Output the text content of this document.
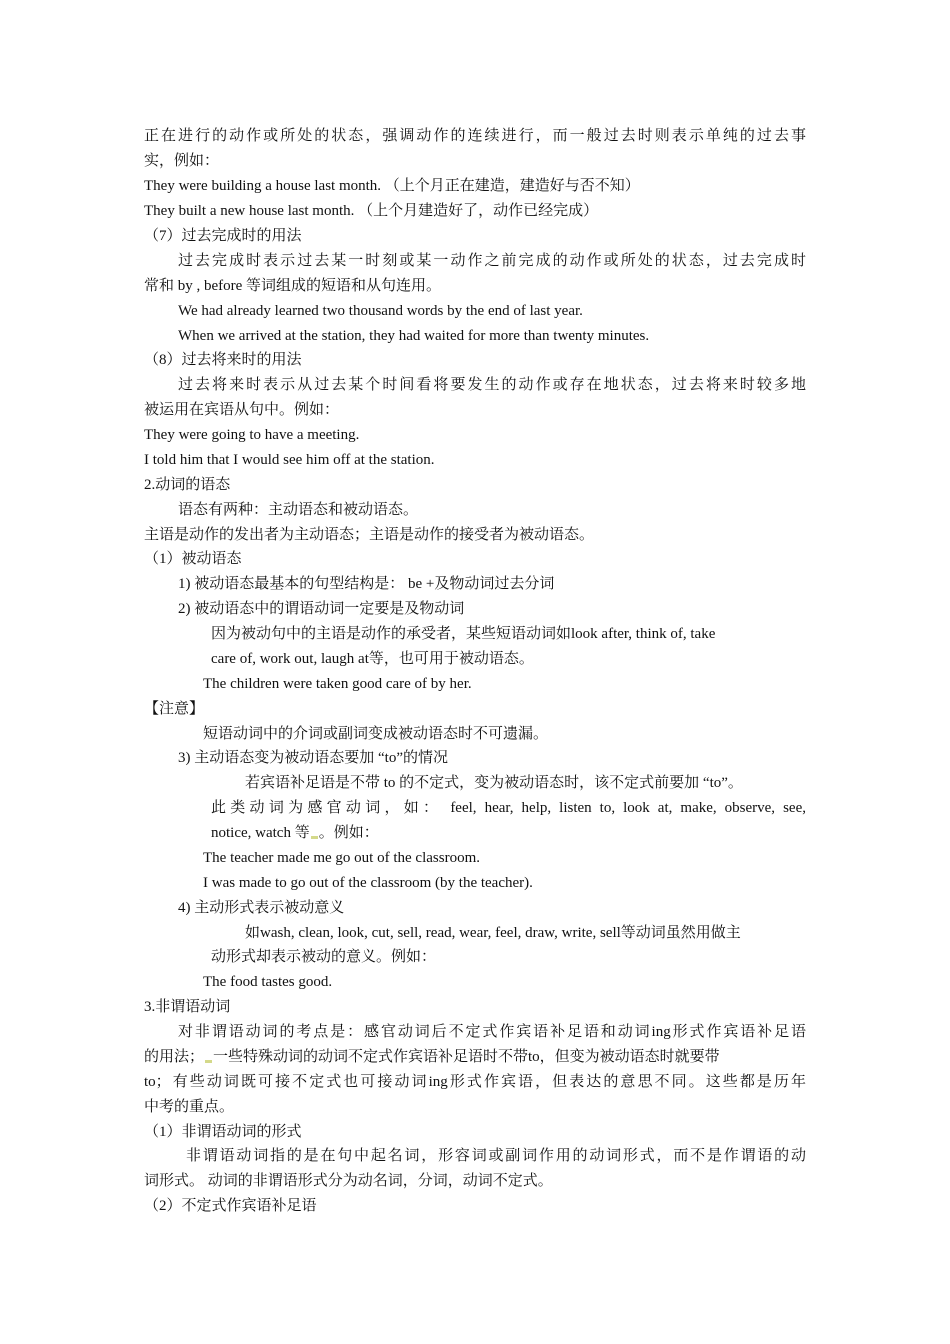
正在进行的动作或所处的状态，强调动作的连续进行，而一般过去时则表示单纯的过去事
实，例如：
They were building a house last month. （上个月正在建造，建造好与否不知）
They built a new house last month. （上个月建造好了，动作已经完成）
（7）过去完成时的用法
过去完成时表示过去某一时刻或某一动作之前完成的动作或所处的状态，过去完成时
常和 by , before 等词组成的短语和从句连用。
We had already learned two thousand words by the end of last year.
When we arrived at the station, they had waited for more than twenty minutes.
（8）过去将来时的用法
过去将来时表示从过去某个时间看将要发生的动作或存在地状态，过去将来时较多地
被运用在宾语从句中。例如：
They were going to have a meeting.
I told him that I would see him off at the station.
2.动词的语态
语态有两种：主动语态和被动语态。
主语是动作的发出者为主动语态；主语是动作的接受者为被动语态。
（1）被动语态
1) 被动语态最基本的句型结构是： be +及物动词过去分词
2) 被动语态中的谓语动词一定要是及物动词
因为被动句中的主语是动作的承受者，某些短语动词如look after, think of, take
care of, work out, laugh at等，也可用于被动语态。
The children were taken good care of by her.
【注意】
短语动词中的介词或副词变成被动语态时不可遗漏。
3) 主动语态变为被动语态要加 “to”的情况
若宾语补足语是不带 to 的不定式，变为被动语态时，该不定式前要加 “to”。
此类动词为感官动词，如： feel, hear, help, listen to, look at, make, observe, see,
notice, watch 等 。例如：
The teacher made me go out of the classroom.
I was made to go out of the classroom (by the teacher).
4) 主动形式表示被动意义
如wash, clean, look, cut, sell, read, wear, feel, draw, write, sell等动词虽然用做主
动形式却表示被动的意义。例如：
The food tastes good.
3.非谓语动词
对非谓语动词的考点是：感官动词后不定式作宾语补足语和动词ing形式作宾语补足语
的用法； 一些特殊动词的动词不定式作宾语补足语时不带to，但变为被动语态时就要带
to；有些动词既可接不定式也可接动词ing形式作宾语，但表达的意思不同。这些都是历年
中考的重点。
（1）非谓语动词的形式
非谓语动词指的是在句中起名词，形容词或副词作用的动词形式，而不是作谓语的动
词形式。 动词的非谓语形式分为动名词，分词，动词不定式。
（2）不定式作宾语补足语
